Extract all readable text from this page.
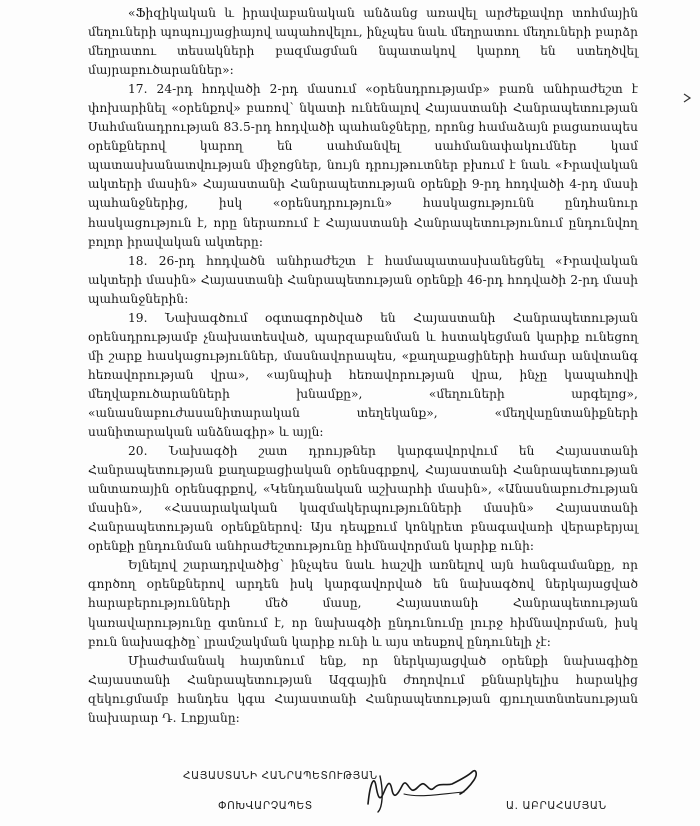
«Ֆիզիկական և իրավաբանական անձանց առավել արժեքավոր տոհմային մեղուների պոպուլյացիայով ապահովելու, ինչպես նաև մեղրատու մեղուների բարձր մեղրատու տեսակների բազմացման նպատակով կարող են ստեղծվել մայրաբուծարաններ»:

17. 24-րդ հոդվածի 2-րդ մասում «օրենսդրությամբ» բառն անհրաժեշտ է փոխարինել «օրենքով» բառով՝ նկատի ունենալով Հայաստանի Հանրապետության Սահմանադրության 83.5-րդ հոդվածի պահանջները, որոնց համաձայն բացառապես օրենքներով կարող են սահմանվել սահմանափակումներ կամ պատասխանատվության միջոցներ, նույն դրույթուտներ բխում է նաև «Իրավական ակտերի մասին» Հայաստանի Հանրապետության օրենքի 9-րդ հոդվածի 4-րդ մասի պահանջներից, իսկ «օրենսդրություն» հասկացությունն ընդհանուր հասկացություն է, որը ներառում է Հայաստանի Հանրապետությունում ընդունվող բոլոր իրավական ակտերը:

18. 26-րդ հոդվածն անհրաժեշտ է համապատասխանեցնել «Իրավական ակտերի մասին» Հայաստանի Հանրապետության օրենքի 46-րդ հոդվածի 2-րդ մասի պահանջներին:

19. Նախագծում օգտագործված են Հայաստանի Հանրապետության օրենսդրությամբ չնախատեսված, պարզաբանման և հստակեցման կարիք ունեցող մի շարք հասկացություններ, մասնավորապես, «քաղաքացիների համար անվտանգ հեռավորության վրա», «այնպիսի հեռավորության վրա, ինչը կապահովի մեղվաբուծարանների խնամքը», «մեղուների արգելոց», «անասնաբուժասանիտարական տեղեկանք», «մեղվաընտանիքների սանիտարական անձնագիր» և այլն:

20. Նախագծի շատ դրույթներ կարգավորվում են Հայաստանի Հանրապետության քաղաքացիական օրենսգրքով, Հայաստանի Հանրապետության անտառային օրենսգրքով, «Կենդանական աշխարհի մասին», «Անասնաբուժության մասին», «Հասարակական կազմակերպությունների մասին» Հայաստանի Հանրապետության օրենքներով: Այս դեպքում կոնկրետ բնագավառի վերաբերյալ օրենքի ընդունման անհրաժեշտությունը հիմնավորման կարիք ունի:

Ելնելով շարադրվածից՝ ինչպես նաև հաշվի առնելով այն հանգամանքը, որ գործող օրենքներով արդեն իսկ կարգավորված են նախագծով ներկայացված հարաբերությունների մեծ մասը, Հայաստանի Հանրապետության կառավարությունը գտնում է, որ նախագծի ընդունումը լուրջ հիմնավորման, իսկ բուն նախագիծը՝ լրամշակման կարիք ունի և այս տեսքով ընդունելի չէ:

Միաժամանակ հայտնում ենք, որ ներկայացված օրենքի նախագիծը Հայաստանի Հանրապետության Ազգային ժողովում քննարկելիս հարակից զեկուցմամբ հանդես կգա Հայաստանի Հանրապետության գյուղատնտեսության նախարար Դ. Լոքյանը:

ՀԱՅԱՍՏԱՆԻ ՀԱՆՐԱՊԵՏՈՒԹՅԱՆ
ՓՈԽՎԱՐՉԱՊԵՏ	Ա. ԱԲՐԱՀԱՄՅԱՆ
